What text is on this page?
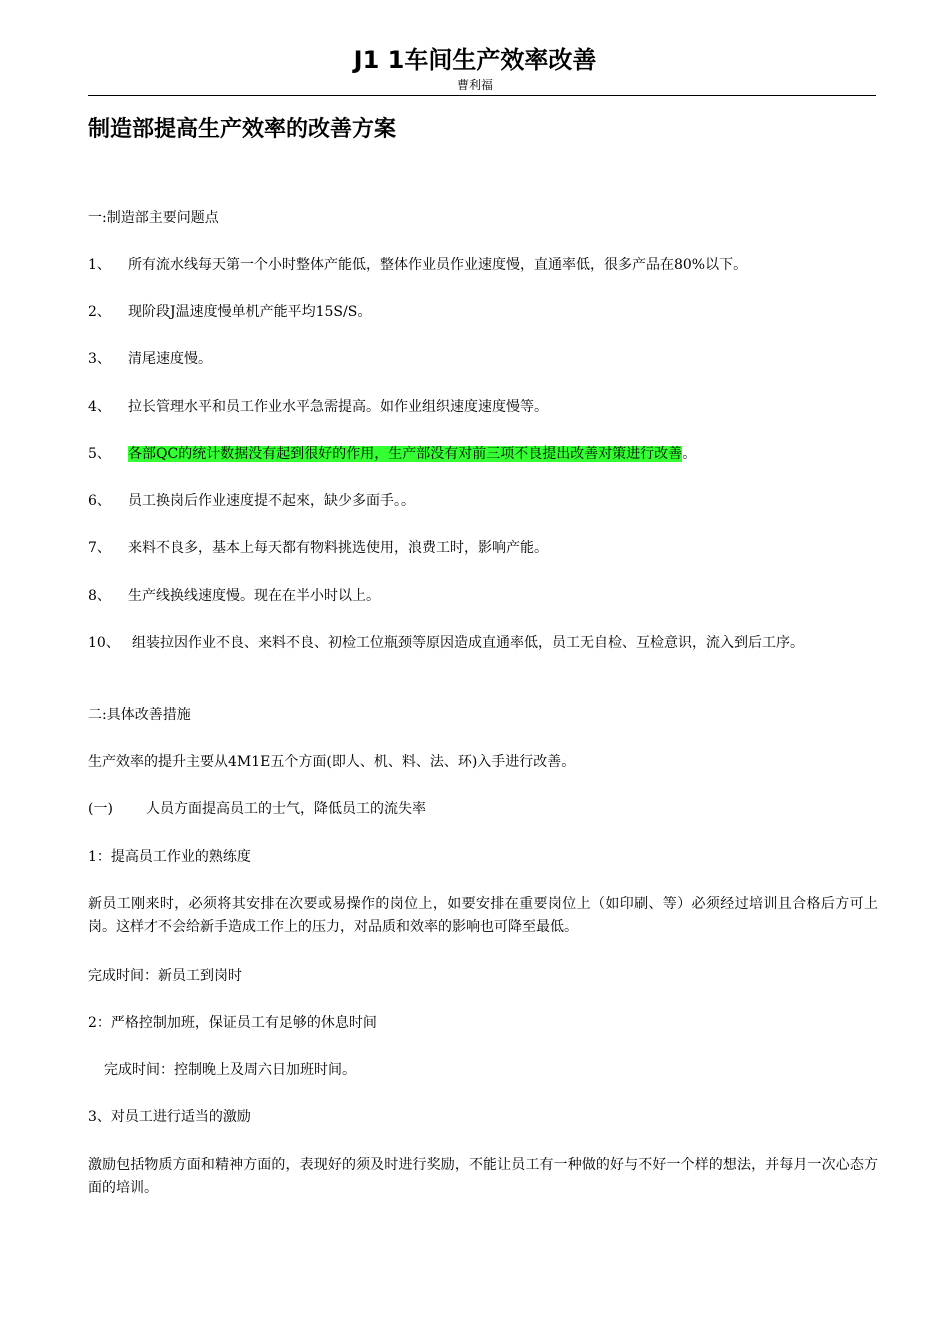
J1 1车间生产效率改善
曹利福
制造部提高生产效率的改善方案
一:制造部主要问题点
1、 所有流水线每天第一个小时整体产能低，整体作业员作业速度慢，直通率低，很多产品在80%以下。
2、 现阶段J温速度慢单机产能平均15S/S。
3、 清尾速度慢。
4、 拉长管理水平和员工作业水平急需提高。如作业组织速度速度慢等。
5、 各部QC的统计数据没有起到很好的作用，生产部没有对前三项不良提出改善对策进行改善。
6、 员工换岗后作业速度提不起來，缺少多面手。。
7、 来料不良多，基本上每天都有物料挑选使用，浪费工时，影响产能。
8、 生产线换线速度慢。现在在半小时以上。
10、 组装拉因作业不良、来料不良、初检工位瓶颈等原因造成直通率低，员工无自检、互检意识，流入到后工序。
二:具体改善措施
生产效率的提升主要从4M1E五个方面(即人、机、料、法、环)入手进行改善。
(一) 人员方面提高员工的士气，降低员工的流失率
1：提高员工作业的熟练度
新员工刚来时，必须将其安排在次要或易操作的岗位上，如要安排在重要岗位上（如印刷、等）必须经过培训且合格后方可上岗。这样才不会给新手造成工作上的压力，对品质和效率的影响也可降至最低。
完成时间：新员工到岗时
2：严格控制加班，保证员工有足够的休息时间
完成时间：控制晚上及周六日加班时间。
3、对员工进行适当的激励
激励包括物质方面和精神方面的，表现好的须及时进行奖励，不能让员工有一种做的好与不好一个样的想法，并每月一次心态方面的培训。
